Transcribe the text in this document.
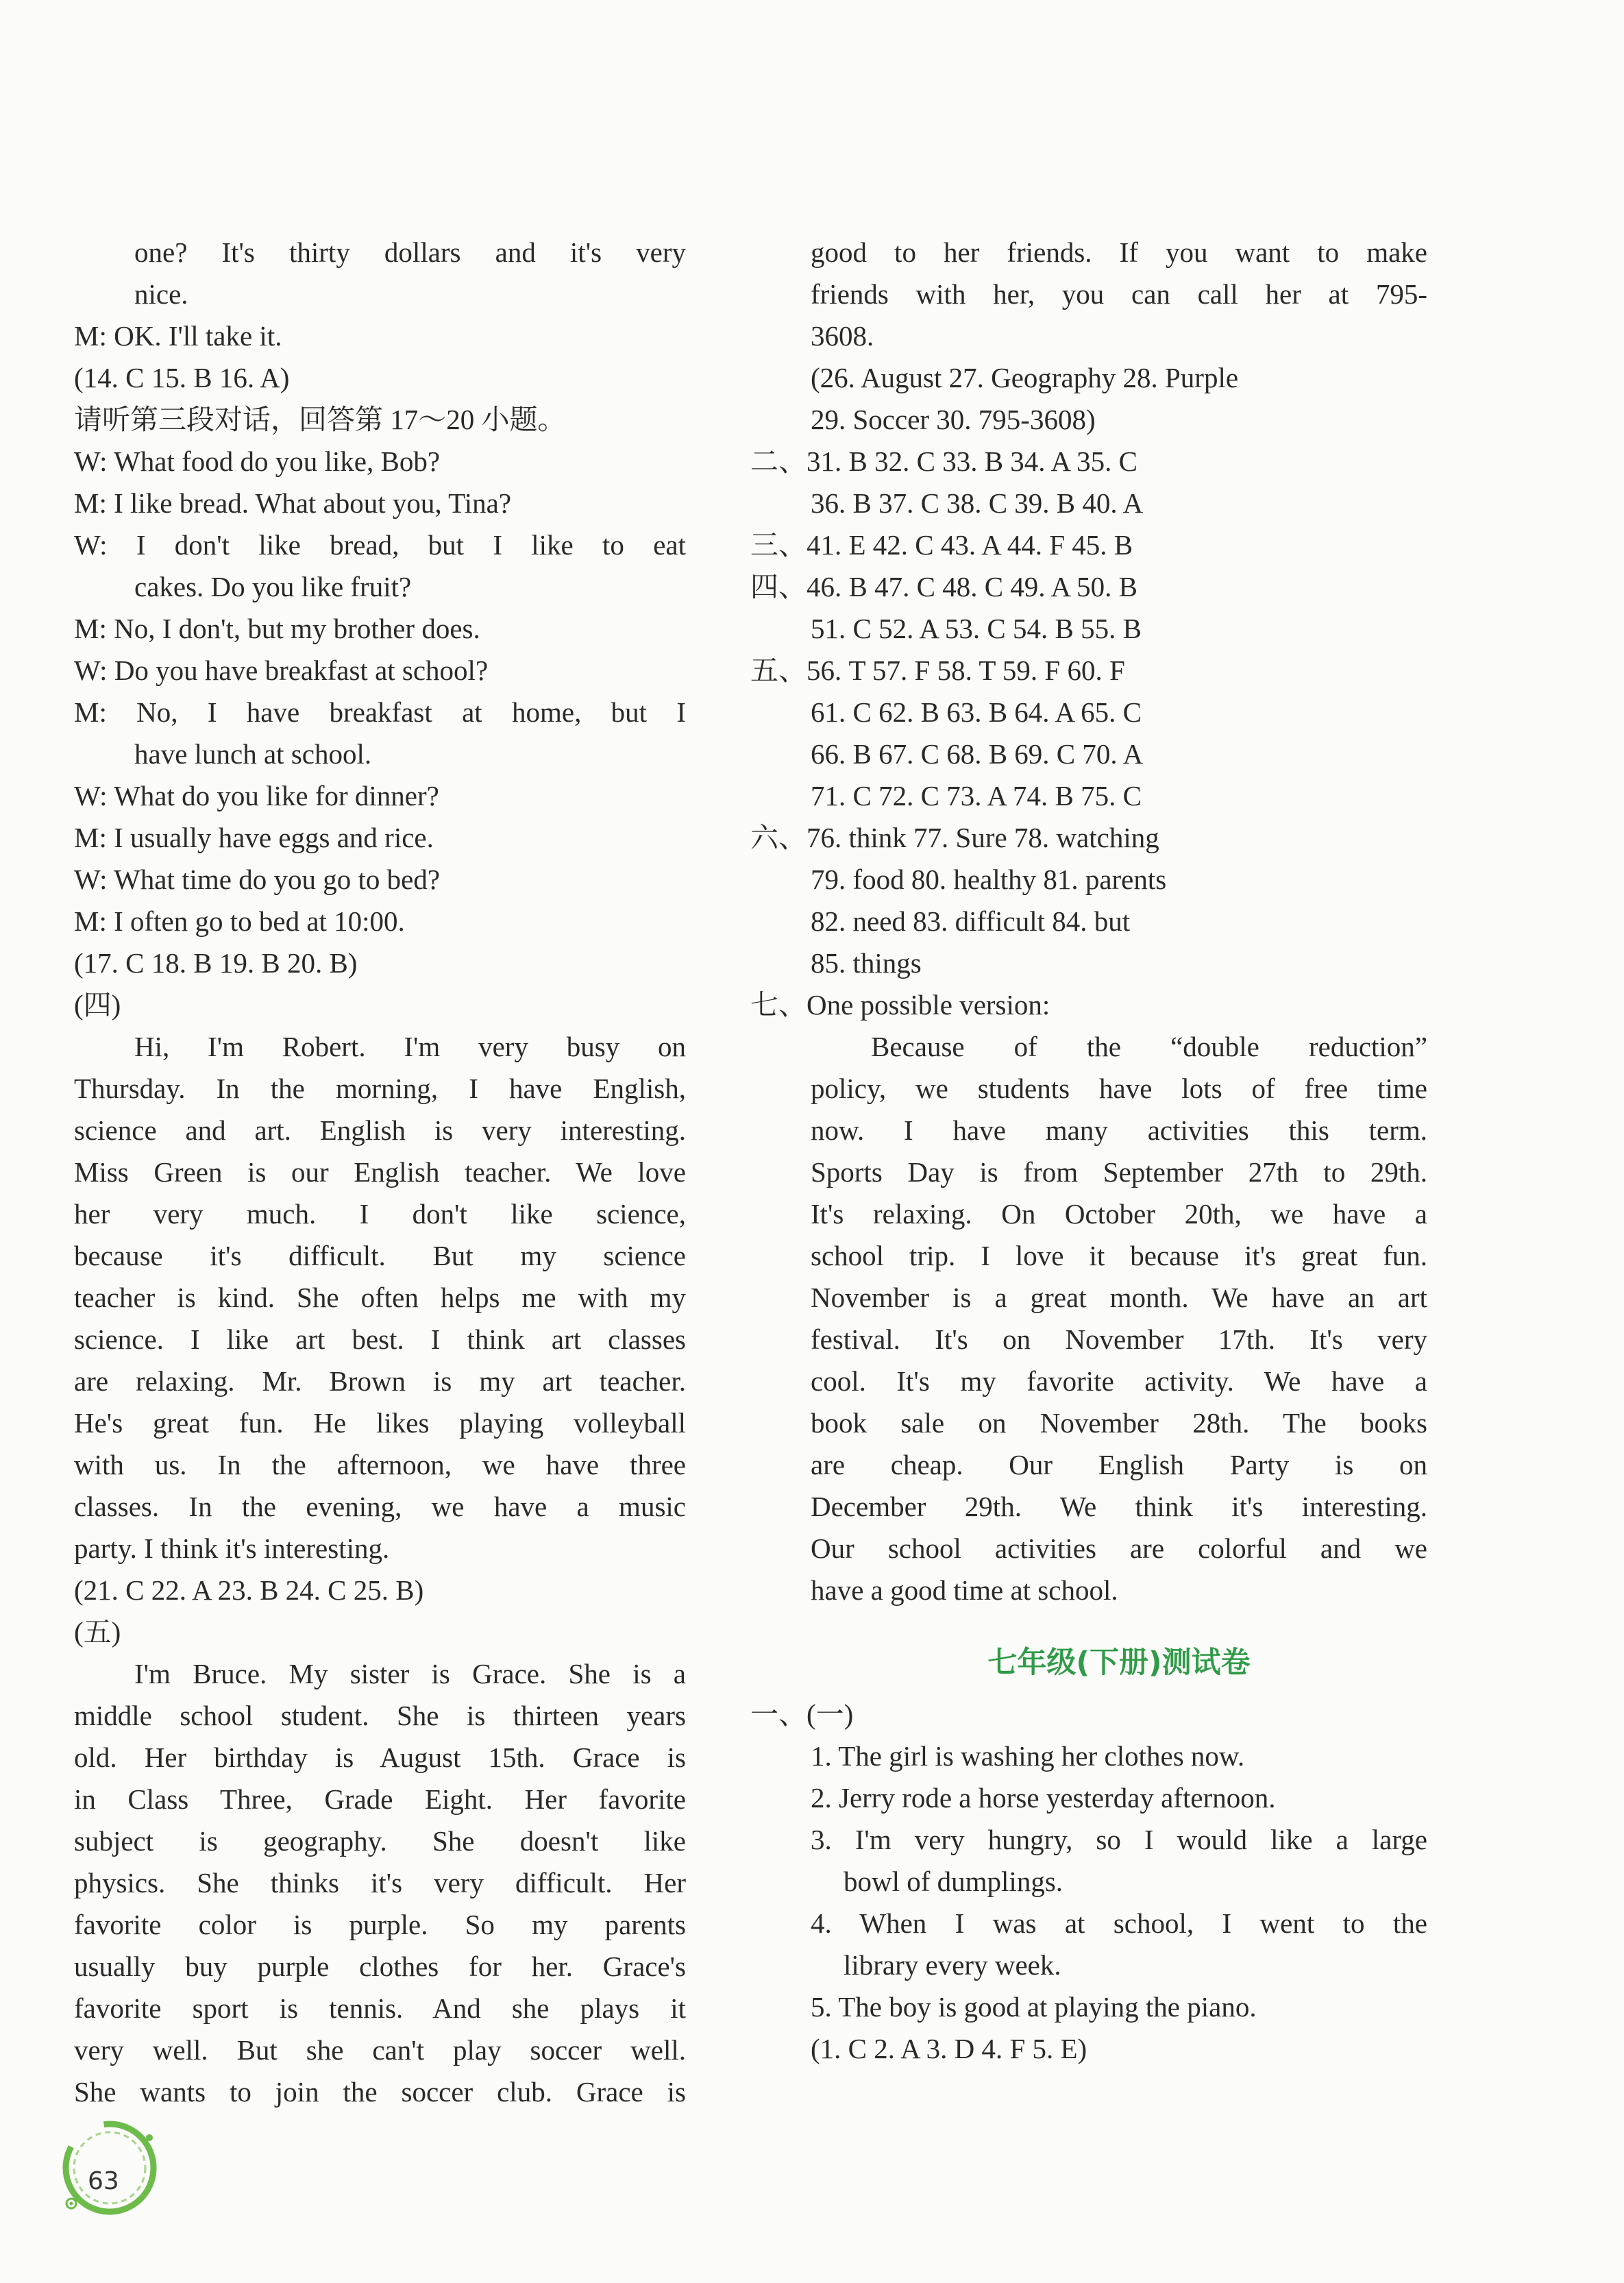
one? It's thirty dollars and it's very
nice.
M: OK. I'll take it.
(14. C 15. B 16. A)
请听第三段对话，回答第 17～20 小题。
W: What food do you like, Bob?
M: I like bread. What about you, Tina?
W: I don't like bread, but I like to eat
cakes. Do you like fruit?
M: No, I don't, but my brother does.
W: Do you have breakfast at school?
M: No, I have breakfast at home, but I
have lunch at school.
W: What do you like for dinner?
M: I usually have eggs and rice.
W: What time do you go to bed?
M: I often go to bed at 10:00.
(17. C 18. B 19. B 20. B)
(四)
Hi, I'm Robert. I'm very busy on
Thursday. In the morning, I have English,
science and art. English is very interesting.
Miss Green is our English teacher. We love
her very much. I don't like science,
because it's difficult. But my science
teacher is kind. She often helps me with my
science. I like art best. I think art classes
are relaxing. Mr. Brown is my art teacher.
He's great fun. He likes playing volleyball
with us. In the afternoon, we have three
classes. In the evening, we have a music
party. I think it's interesting.
(21. C 22. A 23. B 24. C 25. B)
(五)
I'm Bruce. My sister is Grace. She is a
middle school student. She is thirteen years
old. Her birthday is August 15th. Grace is
in Class Three, Grade Eight. Her favorite
subject is geography. She doesn't like
physics. She thinks it's very difficult. Her
favorite color is purple. So my parents
usually buy purple clothes for her. Grace's
favorite sport is tennis. And she plays it
very well. But she can't play soccer well.
She wants to join the soccer club. Grace is
good to her friends. If you want to make
friends with her, you can call her at 795-
3608.
(26. August 27. Geography 28. Purple
29. Soccer 30. 795-3608)
二、31. B 32. C 33. B 34. A 35. C
36. B 37. C 38. C 39. B 40. A
三、41. E 42. C 43. A 44. F 45. B
四、46. B 47. C 48. C 49. A 50. B
51. C 52. A 53. C 54. B 55. B
五、56. T 57. F 58. T 59. F 60. F
61. C 62. B 63. B 64. A 65. C
66. B 67. C 68. B 69. C 70. A
71. C 72. C 73. A 74. B 75. C
六、76. think 77. Sure 78. watching
79. food 80. healthy 81. parents
82. need 83. difficult 84. but
85. things
七、One possible version:
Because of the “double reduction”
policy, we students have lots of free time
now. I have many activities this term.
Sports Day is from September 27th to 29th.
It's relaxing. On October 20th, we have a
school trip. I love it because it's great fun.
November is a great month. We have an art
festival. It's on November 17th. It's very
cool. It's my favorite activity. We have a
book sale on November 28th. The books
are cheap. Our English Party is on
December 29th. We think it's interesting.
Our school activities are colorful and we
have a good time at school.
七年级(下册)测试卷
一、(一)
1. The girl is washing her clothes now.
2. Jerry rode a horse yesterday afternoon.
3. I'm very hungry, so I would like a large
bowl of dumplings.
4. When I was at school, I went to the
library every week.
5. The boy is good at playing the piano.
(1. C 2. A 3. D 4. F 5. E)
63
